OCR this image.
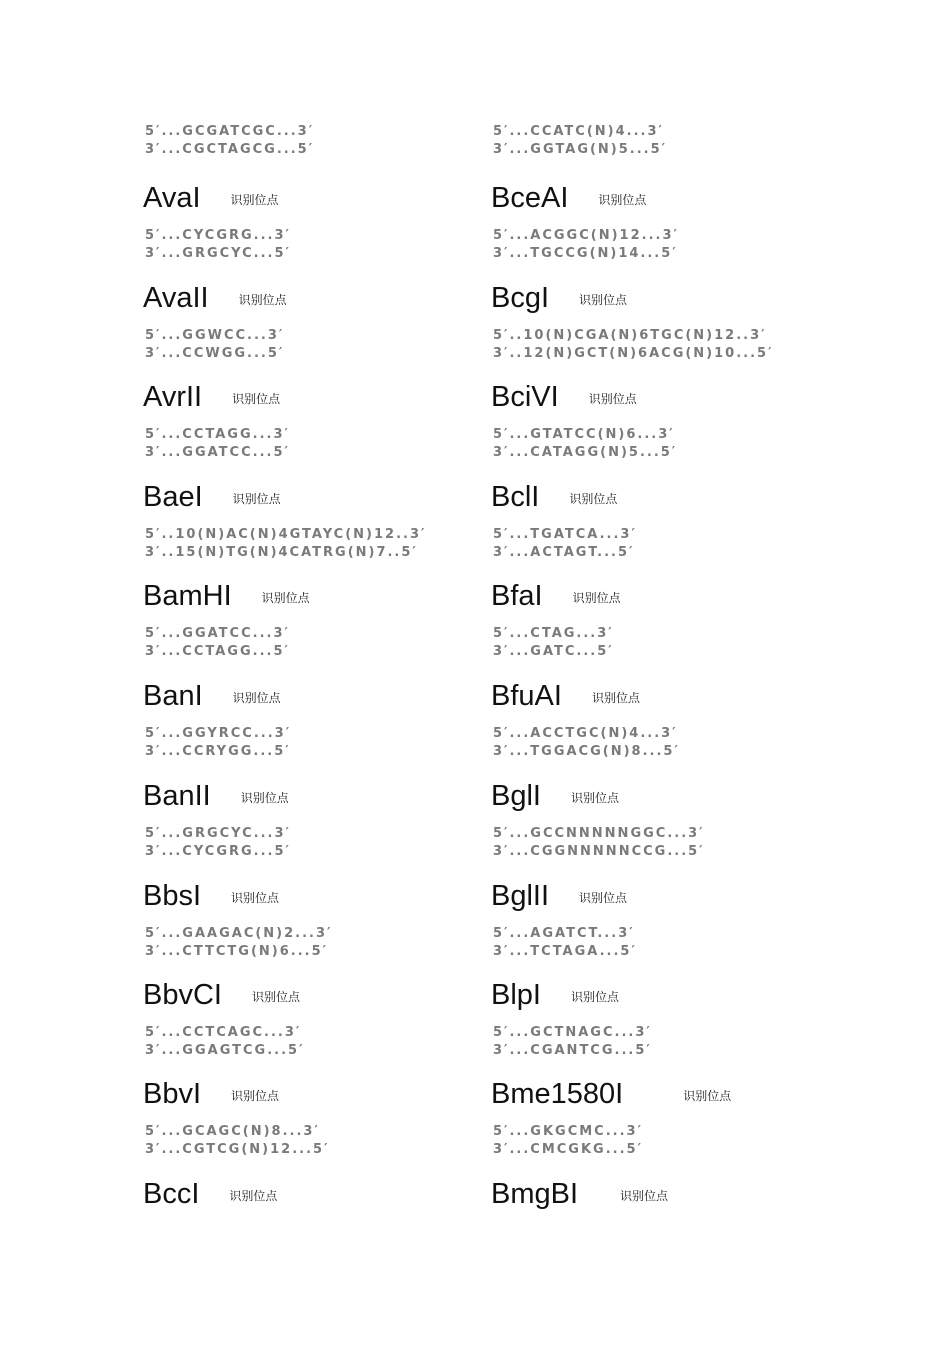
5′...GCGATCGC...3′
3′...CGCTAGCG...5′
AvaI	识别位点
5′...CYCGRG...3′
3′...GRGCYC...5′
AvaII	识别位点
5′...GGWCC...3′
3′...CCWGG...5′
AvrII	识别位点
5′...CCTAGG...3′
3′...GGATCC...5′
BaeI	识别位点
5′..10(N)AC(N)4GTAYC(N)12..3′
3′..15(N)TG(N)4CATRG(N)7..5′
BamHI	识别位点
5′...GGATCC...3′
3′...CCTAGG...5′
BanI	识别位点
5′...GGYRCC...3′
3′...CCRYGG...5′
BanII	识别位点
5′...GRGCYC...3′
3′...CYCGRG...5′
BbsI	识别位点
5′...GAAGAC(N)2...3′
3′...CTTCTG(N)6...5′
BbvCI	识别位点
5′...CCTCAGC...3′
3′...GGAGTCG...5′
BbvI	识别位点
5′...GCAGC(N)8...3′
3′...CGTCG(N)12...5′
BccI	识别位点
5′...CCATC(N)4...3′
3′...GGTAG(N)5...5′
BceAI	识别位点
5′...ACGGC(N)12...3′
3′...TGCCG(N)14...5′
BcgI	识别位点
5′..10(N)CGA(N)6TGC(N)12..3′
3′..12(N)GCT(N)6ACG(N)10...5′
BciVI	识别位点
5′...GTATCC(N)6...3′
3′...CATAGG(N)5...5′
BclI	识别位点
5′...TGATCA...3′
3′...ACTAGT...5′
BfaI	识别位点
5′...CTAG...3′
3′...GATC...5′
BfuAI	识别位点
5′...ACCTGC(N)4...3′
3′...TGGACG(N)8...5′
BglI	识别位点
5′...GCCNNNNNGGC...3′
3′...CGGNNNNNCCG...5′
BglII	识别位点
5′...AGATCT...3′
3′...TCTAGA...5′
BlpI	识别位点
5′...GCTNAGC...3′
3′...CGANTCG...5′
Bme1580I	识别位点
5′...GKGCMC...3′
3′...CMCGKG...5′
BmgBI	识别位点
